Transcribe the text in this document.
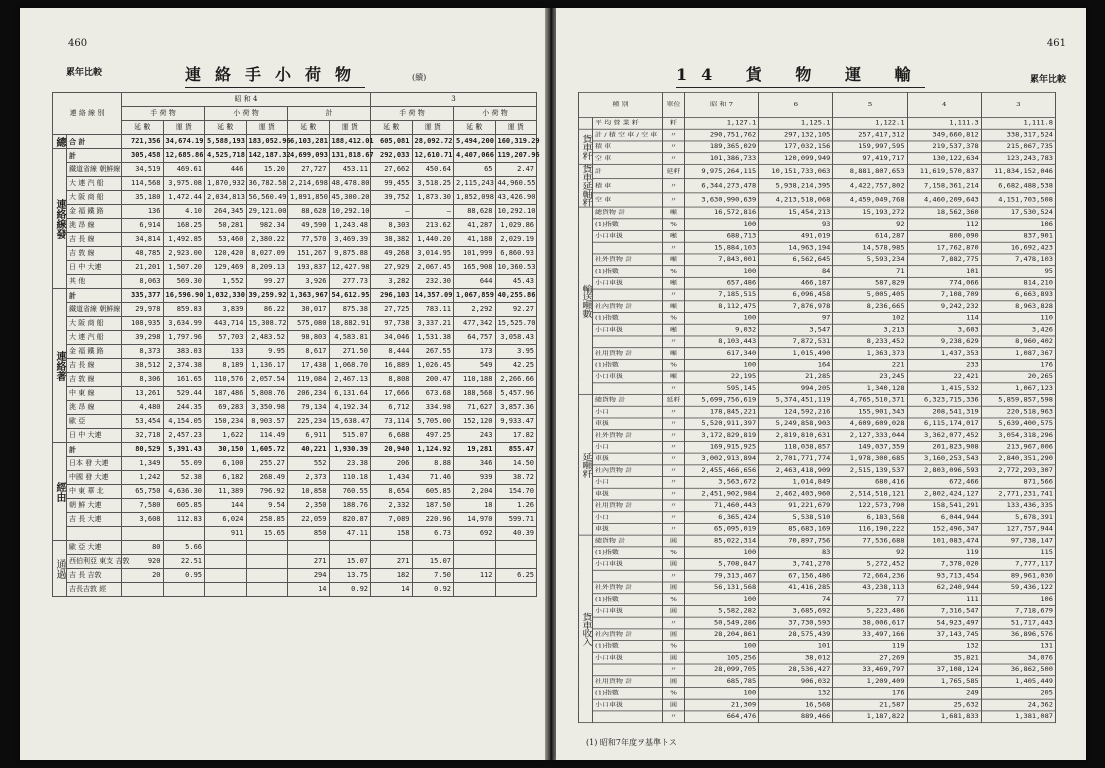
460
累年比較	連絡手小荷物	(續)
連 絡 線 別		昭 和 4						3			
		手 荷 物		小 荷 物		計		手 荷 物		小 荷 物	
		延 數	運 貨	延 數	運 貨	延 數	運 貨	延 數	運 貨	延 數	運 貨
總	合 計	721,356	34,674.19	5,588,193	183,052.96	6,103,281	188,412.01	605,081	28,092.72	5,494,200	160,319.29
連絡線發	計	305,458	12,685.86	4,525,718	142,187.32	4,699,093	131,818.67	292,033	12,610.71	4,407,066	119,207.96
	鐵道省線 朝鮮線	34,519	469.61	446	15.20	27,727	453.11	27,662	450.64	65	2.47
	大 連 汽 船	114,568	3,975.08	1,870,932	36,782.58	2,214,698	48,478.80	99,455	3,518.25	2,115,243	44,960.55
	大 阪 商 船	35,180	1,472.44	2,034,813	56,560.49	1,891,850	45,300.20	39,752	1,873.30	1,852,098	43,426.90
	金 福 鐵 路	136	4.10	264,345	29,121.00	88,628	10,292.10	—	—	88,628	10,292.10
	洮 昂 線	6,914	168.25	50,281	982.34	49,590	1,243.48	8,303	213.62	41,287	1,029.86
	吉 長 線	34,814	1,492.85	53,460	2,380.22	77,570	3,469.39	38,382	1,440.20	41,188	2,029.19
	吉 敦 線	48,785	2,923.00	120,420	8,027.09	151,267	9,875.88	49,268	3,014.95	101,999	6,860.93
	日 中 大連	21,201	1,507.20	129,469	8,209.13	193,837	12,427.98	27,929	2,067.45	165,908	10,360.53
	其 他	8,063	569.30	1,552	99.27	3,926	277.73	3,282	232.30	644	45.43
連絡著	計	335,377	16,596.90	1,032,330	39,259.92	1,363,967	54,612.95	296,103	14,357.09	1,067,859	40,255.86
	鐵道省線 朝鮮線	29,978	859.83	3,839	86.22	30,017	875.38	27,725	783.11	2,292	92.27
	大 阪 商 船	108,935	3,634.99	443,714	15,308.72	575,080	18,882.91	97,738	3,337.21	477,342	15,525.70
	大 連 汽 船	39,298	1,797.96	57,703	2,483.52	98,803	4,583.81	34,046	1,531.38	64,757	3,058.43
	金 福 鐵 路	8,373	383.03	133	9.95	8,617	271.50	8,444	267.55	173	3.95
	吉 長 線	38,512	2,374.38	8,189	1,136.17	17,438	1,068.70	16,889	1,026.45	549	42.25
	吉 敦 線	8,306	161.65	110,576	2,057.54	119,084	2,467.13	8,808	200.47	110,188	2,266.66
	中 東 線	13,261	529.44	187,486	5,808.76	206,234	6,131.64	17,666	673.68	188,568	5,457.96
	洮 昂 線	4,480	244.35	69,283	3,350.98	79,134	4,192.34	6,712	334.98	71,627	3,857.36
	歐 亞	53,454	4,154.05	150,234	8,903.57	225,234	15,638.47	73,114	5,705.00	152,120	9,933.47
	日 中 大連	32,718	2,457.23	1,622	114.49	6,911	515.07	6,688	497.25	243	17.82
經由	計	80,529	5,391.43	30,150	1,605.72	40,221	1,930.39	20,940	1,124.92	19,281	855.47
	日本 發 大連	1,349	55.09	6,100	255.27	552	23.38	206	8.88	346	14.50
	中國 發 大連	1,242	52.38	6,182	268.49	2,373	110.18	1,434	71.46	939	38.72
	中 東 華 北	65,750	4,636.30	11,389	796.92	10,858	760.55	8,654	605.85	2,204	154.70
	朝 鮮 大連	7,580	605.85	144	9.54	2,350	188.76	2,332	187.50	18	1.26
	吉 長 大連	3,608	112.83	6,024	258.85	22,059	820.87	7,089	220.96	14,970	599.71
				911	15.65	850	47.11	158	6.73	692	40.39
通過	歐 亞 大連	80	5.66								
	西伯利亞 東支 吉敦	920	22.51			271	15.07	271	15.07		
	吉 長 吉敦	20	0.95			294	13.75	182	7.50	112	6.25
	吉長吉敦 經					14	0.92	14	0.92		
461
累年比較
14 貨 物 運 輸
種 別		單位	昭 和 7	6	5	4	3
	平 均 營 業 粁	粁	1,127.1	1,125.1	1,122.1	1,111.3	1,111.8
貨車粁	計 / 積 空 車 / 空 車	〃	290,751,762	297,132,105	257,417,312	349,660,812	338,317,524
	積 車	〃	189,365,029	177,032,156	159,997,595	219,537,378	215,067,735
	空 車	〃	101,386,733	120,099,949	97,419,717	130,122,634	123,243,783
貨車延軸粁	計	延粁	9,975,264,115	10,151,733,063	8,881,807,653	11,619,570,837	11,834,152,046
	積 車	〃	6,344,273,478	5,938,214,395	4,422,757,802	7,158,361,214	6,682,488,538
	空 車	〃	3,630,990,639	4,213,518,068	4,459,049,768	4,460,209,643	4,151,703,508
輸送噸數	總貨物 計	噸	16,572,816	15,454,213	15,193,272	18,562,360	17,530,524
	(1)指數	%	100	93	92	112	106
	小口車扱	噸	688,713	491,019	614,287	800,090	837,901
		〃	15,884,103	14,963,194	14,578,985	17,762,870	16,692,423
	社外貨物 計	噸	7,843,001	6,562,645	5,593,234	7,882,775	7,478,103
	(1)指數	%	100	84	71	101	95
	小口車扱	噸	657,486	466,187	587,829	774,066	814,210
		〃	7,185,515	6,096,458	5,005,405	7,108,709	6,663,893
	社內貨物 計	噸	8,112,475	7,876,978	8,236,665	9,242,232	8,963,828
	(1)指數	%	100	97	102	114	110
	小口車扱	噸	9,032	3,547	3,213	3,603	3,426
		〃	8,103,443	7,872,531	8,233,452	9,238,629	8,960,402
	社用貨物 計	噸	617,340	1,015,490	1,363,373	1,437,353	1,087,367
	(1)指數	%	100	164	221	233	176
	小口車扱	噸	22,195	21,285	23,245	22,421	20,265
		〃	595,145	994,205	1,340,128	1,415,532	1,067,123
延噸粁	總貨物 計	延粁	5,699,756,619	5,374,451,119	4,765,510,371	6,323,715,336	5,859,857,598
	小口	〃	178,845,221	124,592,216	155,901,343	208,541,319	220,518,963
	車扱	〃	5,520,911,397	5,249,858,903	4,609,609,028	6,115,174,017	5,639,400,575
	社外貨物 計	〃	3,172,829,819	2,819,810,631	2,127,333,044	3,362,077,452	3,054,318,296
	小口	〃	169,915,925	118,038,857	149,037,359	201,823,908	213,967,006
	車扱	〃	3,002,913,894	2,701,771,774	1,978,300,685	3,160,253,543	2,840,351,290
	社內貨物 計	〃	2,455,466,656	2,463,418,909	2,515,139,537	2,803,096,593	2,772,293,307
	小口	〃	3,563,672	1,014,849	680,416	672,466	871,566
	車扱	〃	2,451,902,984	2,462,403,960	2,514,518,121	2,802,424,127	2,771,231,741
	社用貨物 計	〃	71,460,443	91,221,679	122,573,790	158,541,291	133,436,335
	小口	〃	6,365,424	5,538,510	6,183,568	6,044,944	5,678,391
	車扱	〃	65,095,019	85,683,169	116,190,222	152,496,347	127,757,944
貨車收入	總貨物 計	圓	85,022,314	70,897,756	77,536,688	101,083,474	97,738,147
	(1)指數	%	100	83	92	119	115
	小口車扱	圓	5,708,847	3,741,270	5,272,452	7,378,020	7,777,117
		〃	79,313,467	67,156,486	72,664,236	93,713,454	89,961,030
	社外貨物 計	圓	56,131,568	41,416,285	43,238,113	62,240,944	59,436,122
	(1)指數	%	100	74	77	111	106
	小口車扱	圓	5,582,282	3,685,692	5,223,486	7,316,547	7,718,679
		〃	50,549,286	37,730,593	38,006,617	54,923,497	51,717,443
	社內貨物 計	圓	28,204,861	28,575,439	33,497,166	37,143,745	36,896,576
	(1)指數	%	100	101	119	132	131
	小口車扱	圓	105,256	38,012	27,269	35,821	34,076
		〃	28,099,705	28,536,427	33,469,797	37,108,124	36,862,500
	社用貨物 計	圓	685,785	906,032	1,209,409	1,765,585	1,405,449
	(1)指數	%	100	132	176	249	205
	小口車扱	圓	21,309	16,568	21,587	25,632	24,362
		〃	664,476	889,466	1,187,822	1,681,833	1,381,087
(1) 昭和7年度ヲ基準トス
